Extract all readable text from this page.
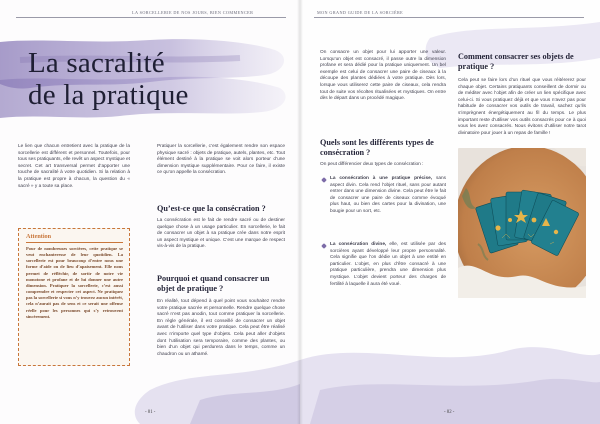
LA SORCELLERIE DE NOS JOURS, BIEN COMMENCER
La sacralité
de la pratique
Le lien que chacun entretient avec la pratique de la sorcellerie est différent et personnel. Toutefois, pour tous ses pratiquants, elle revêt un aspect mystique et secret. Cet art transversal permet d’apporter une touche de sacralité à votre quotidien. Si la relation à la pratique est propre à chacun, la question du « sacré » y a toute sa place.
Attention
Pour de nombreuses sorcières, cette pratique se veut enchanteresse de leur quotidien. La sorcellerie est pour beaucoup d’entre nous une forme d’aide ou de lieu d’apaisement. Elle nous permet de réfléchir, de sortir de notre vie monotone et profane et de lui donner une autre dimension. Pratiquer la sorcellerie, c’est aussi comprendre et respecter cet aspect. Ne pratiquez pas la sorcellerie si vous n’y trouvez aucun intérêt, cela n’aurait pas de sens et ce serait une offense réelle pour les personnes qui s’y retrouvent sincèrement.
Pratiquer la sorcellerie, c’est également rendre son espace physique sacré : objets de pratique, autels, plantes, etc. Tout élément destiné à la pratique se voit alors porteur d’une dimension mystique supplémentaire. Pour ce faire, il existe ce qu’on appelle la consécration.
Qu’est-ce que la consécration ?
La consécration est le fait de rendre sacré ou de destiner quelque chose à un usage particulier. En sorcellerie, le fait de consacrer un objet à sa pratique crée dans notre esprit un aspect mystique et unique. C’est une marque de respect vis-à-vis de la pratique.
Pourquoi et quand consacrer un objet de pratique ?
En réalité, tout dépend à quel point vous souhaitez rendre votre pratique sacrée et personnelle. Rendre quelque chose sacré n’est pas anodin, tout comme pratiquer la sorcellerie. En règle générale, il est conseillé de consacrer un objet avant de l’utiliser dans votre pratique. Cela peut être réalisé avec n’importe quel type d’objets. Cela peut aller d’objets dont l’utilisation sera temporaire, comme des plantes, ou bien d’un objet qui perdurera dans le temps, comme un chaudron ou un athamé.
- 81 -
MON GRAND GUIDE DE LA SORCIÈRE
On consacre un objet pour lui apporter une valeur. Lorsqu’un objet est consacré, il passe outre la dimension profane et sera dédié pour la pratique uniquement. Un bel exemple est celui de consacrer une paire de ciseaux à la découpe des plantes dédiées à votre pratique. Dès lors, lorsque vous utiliserez cette paire de ciseaux, cela rendra tout de suite vos récoltes ritualisées et mystiques. On entre dès le départ dans un procédé magique.
Quels sont les différents types de consécration ?
On peut différencier deux types de consécration :
La consécration à une pratique précise, sans aspect divin. Cela rend l’objet rituel, sans pour autant entrer dans une dimension divine. Cela peut être le fait de consacrer une paire de ciseaux comme évoqué plus haut, ou bien des cartes pour la divination, une bougie pour un sort, etc.
La consécration divine, elle, est utilisée par des sorcières ayant développé leur propre personnalité. Cela signifie que l’on dédie un objet à une entité en particulier. L’objet, en plus d’être consacré à une pratique particulière, prendra une dimension plus mystique. L’objet devient porteur des charges de fertilité à laquelle il aura été voué.
Comment consacrer ses objets de pratique ?
Cela peut se faire lors d’un rituel que vous réitérerez pour chaque objet. Certains pratiquants conseillent de dormir ou de méditer avec l’objet afin de créer un lien spécifique avec celui-ci. Si vous pratiquez déjà et que vous n’avez pas pour habitude de consacrer vos outils de travail, sachez qu’ils s’imprègnent énergétiquement au fil du temps. Le plus important reste d’utiliser vos outils consacrés pour ce à quoi vous les avez consacrés. Nous évitons d’utiliser notre tarot divinatoire pour jouer à un repas de famille !
- 82 -
